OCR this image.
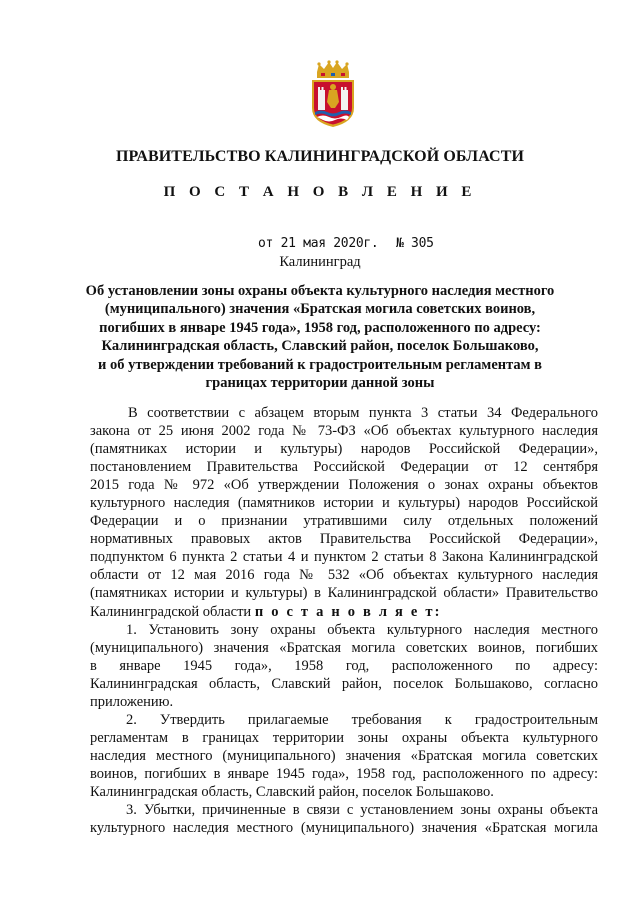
ПРАВИТЕЛЬСТВО КАЛИНИНГРАДСКОЙ ОБЛАСТИ
П О С Т А Н О В Л Е Н И Е
от 21 мая 2020г. № 305
Калининград
Об установлении зоны охраны объекта культурного наследия местного
(муниципального) значения «Братская могила советских воинов,
погибших в январе 1945 года», 1958 год, расположенного по адресу:
Калининградская область, Славский район, поселок Большаково,
и об утверждении требований к градостроительным регламентам в
границах территории данной зоны
В соответствии с абзацем вторым пункта 3 статьи 34 Федерального
закона от 25 июня 2002 года № 73-ФЗ «Об объектах культурного наследия
(памятниках истории и культуры) народов Российской Федерации»,
постановлением Правительства Российской Федерации от 12 сентября
2015 года № 972 «Об утверждении Положения о зонах охраны объектов
культурного наследия (памятников истории и культуры) народов Российской
Федерации и о признании утратившими силу отдельных положений
нормативных правовых актов Правительства Российской Федерации»,
подпунктом 6 пункта 2 статьи 4 и пунктом 2 статьи 8 Закона Калининградской
области от 12 мая 2016 года № 532 «Об объектах культурного наследия
(памятниках истории и культуры) в Калининградской области» Правительство
Калининградской области п о с т а н о в л я е т:
1. Установить зону охраны объекта культурного наследия местного
(муниципального) значения «Братская могила советских воинов, погибших
в январе 1945 года», 1958 год, расположенного по адресу:
Калининградская область, Славский район, поселок Большаково, согласно
приложению.
2. Утвердить прилагаемые требования к градостроительным
регламентам в границах территории зоны охраны объекта культурного
наследия местного (муниципального) значения «Братская могила советских
воинов, погибших в январе 1945 года», 1958 год, расположенного по адресу:
Калининградская область, Славский район, поселок Большаково.
3. Убытки, причиненные в связи с установлением зоны охраны объекта
культурного наследия местного (муниципального) значения «Братская могила
